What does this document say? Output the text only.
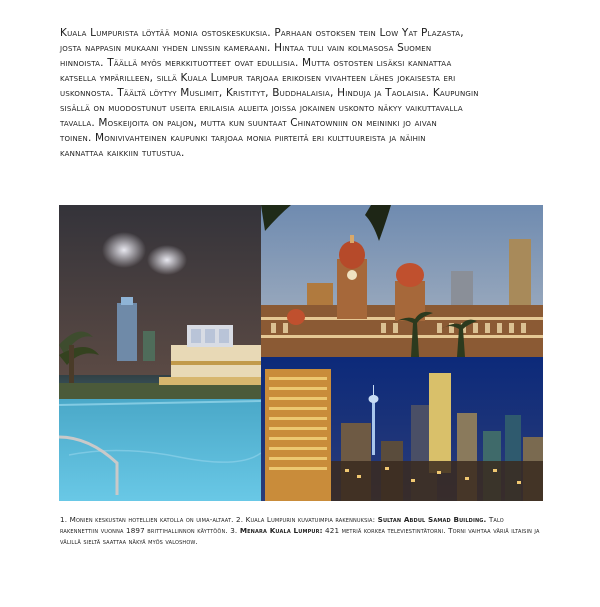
Kuala Lumpurista löytää monia ostoskeskuksia. Parhaan ostoksen tein Low Yat Plazasta,
josta nappasin mukaani yhden linssin kameraani. Hintaa tuli vain kolmasosa Suomen
hinnoista. Täällä myös merkkituotteet ovat edullisia. Mutta ostosten lisäksi kannattaa
katsella ympärilleen, sillä Kuala Lumpur tarjoaa erikoisen vivahteen lähes jokaisesta eri
uskonnosta. Täältä löytyy Muslimit, Kristityt, Buddhalaisia, Hinduja ja Taolaisia. Kaupungin
sisällä on muodostunut useita erilaisia alueita joissa jokainen uskonto näkyy vaikuttavalla
tavalla. Moskeijoita on paljon, mutta kun suuntaat Chinatowniin on meininki jo aivan
toinen. Monivivahteinen kaupunki tarjoaa monia piirteitä eri kulttuureista ja näihin
kannattaa kaikkiin tutustua.

1. Monien keskustan hotellien katolla on uima-altaat. 2. Kuala Lumpurin kuvatuimpia rakennuksia: Sultan Abdul Samad Building. Talo rakennettiin vuonna 1897 brittihallinnon käyttöön. 3. Menara Kuala Lumpur: 421 metriä korkea televiestintätorni. Torni vaihtaa väriä iltaisin ja välillä sieltä saattaa näkyä myös valoshow.
